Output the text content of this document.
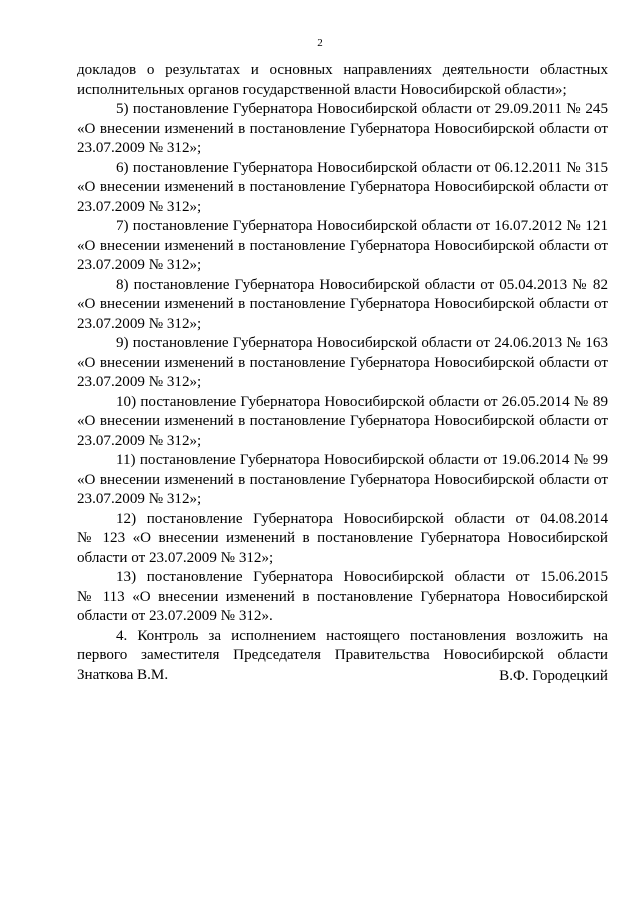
2

докладов о результатах и основных направлениях деятельности областных
исполнительных органов государственной власти Новосибирской области»;

5) постановление Губернатора Новосибирской области от 29.09.2011 № 245
«О внесении изменений в постановление Губернатора Новосибирской области от
23.07.2009 № 312»;

6) постановление Губернатора Новосибирской области от 06.12.2011 № 315
«О внесении изменений в постановление Губернатора Новосибирской области от
23.07.2009 № 312»;

7) постановление Губернатора Новосибирской области от 16.07.2012 № 121
«О внесении изменений в постановление Губернатора Новосибирской области от
23.07.2009 № 312»;

8) постановление Губернатора Новосибирской области от 05.04.2013 № 82
«О внесении изменений в постановление Губернатора Новосибирской области от
23.07.2009 № 312»;

9) постановление Губернатора Новосибирской области от 24.06.2013 № 163
«О внесении изменений в постановление Губернатора Новосибирской области от
23.07.2009 № 312»;

10) постановление Губернатора Новосибирской области от 26.05.2014 № 89
«О внесении изменений в постановление Губернатора Новосибирской области от
23.07.2009 № 312»;

11) постановление Губернатора Новосибирской области от 19.06.2014 № 99
«О внесении изменений в постановление Губернатора Новосибирской области от
23.07.2009 № 312»;

12) постановление Губернатора Новосибирской области от 04.08.2014
№ 123 «О внесении изменений в постановление Губернатора Новосибирской
области от 23.07.2009 № 312»;

13) постановление Губернатора Новосибирской области от 15.06.2015
№ 113 «О внесении изменений в постановление Губернатора Новосибирской
области от 23.07.2009 № 312».

4. Контроль за исполнением настоящего постановления возложить на
первого заместителя Председателя Правительства Новосибирской области
Знаткова В.М.	В.Ф. Городецкий
